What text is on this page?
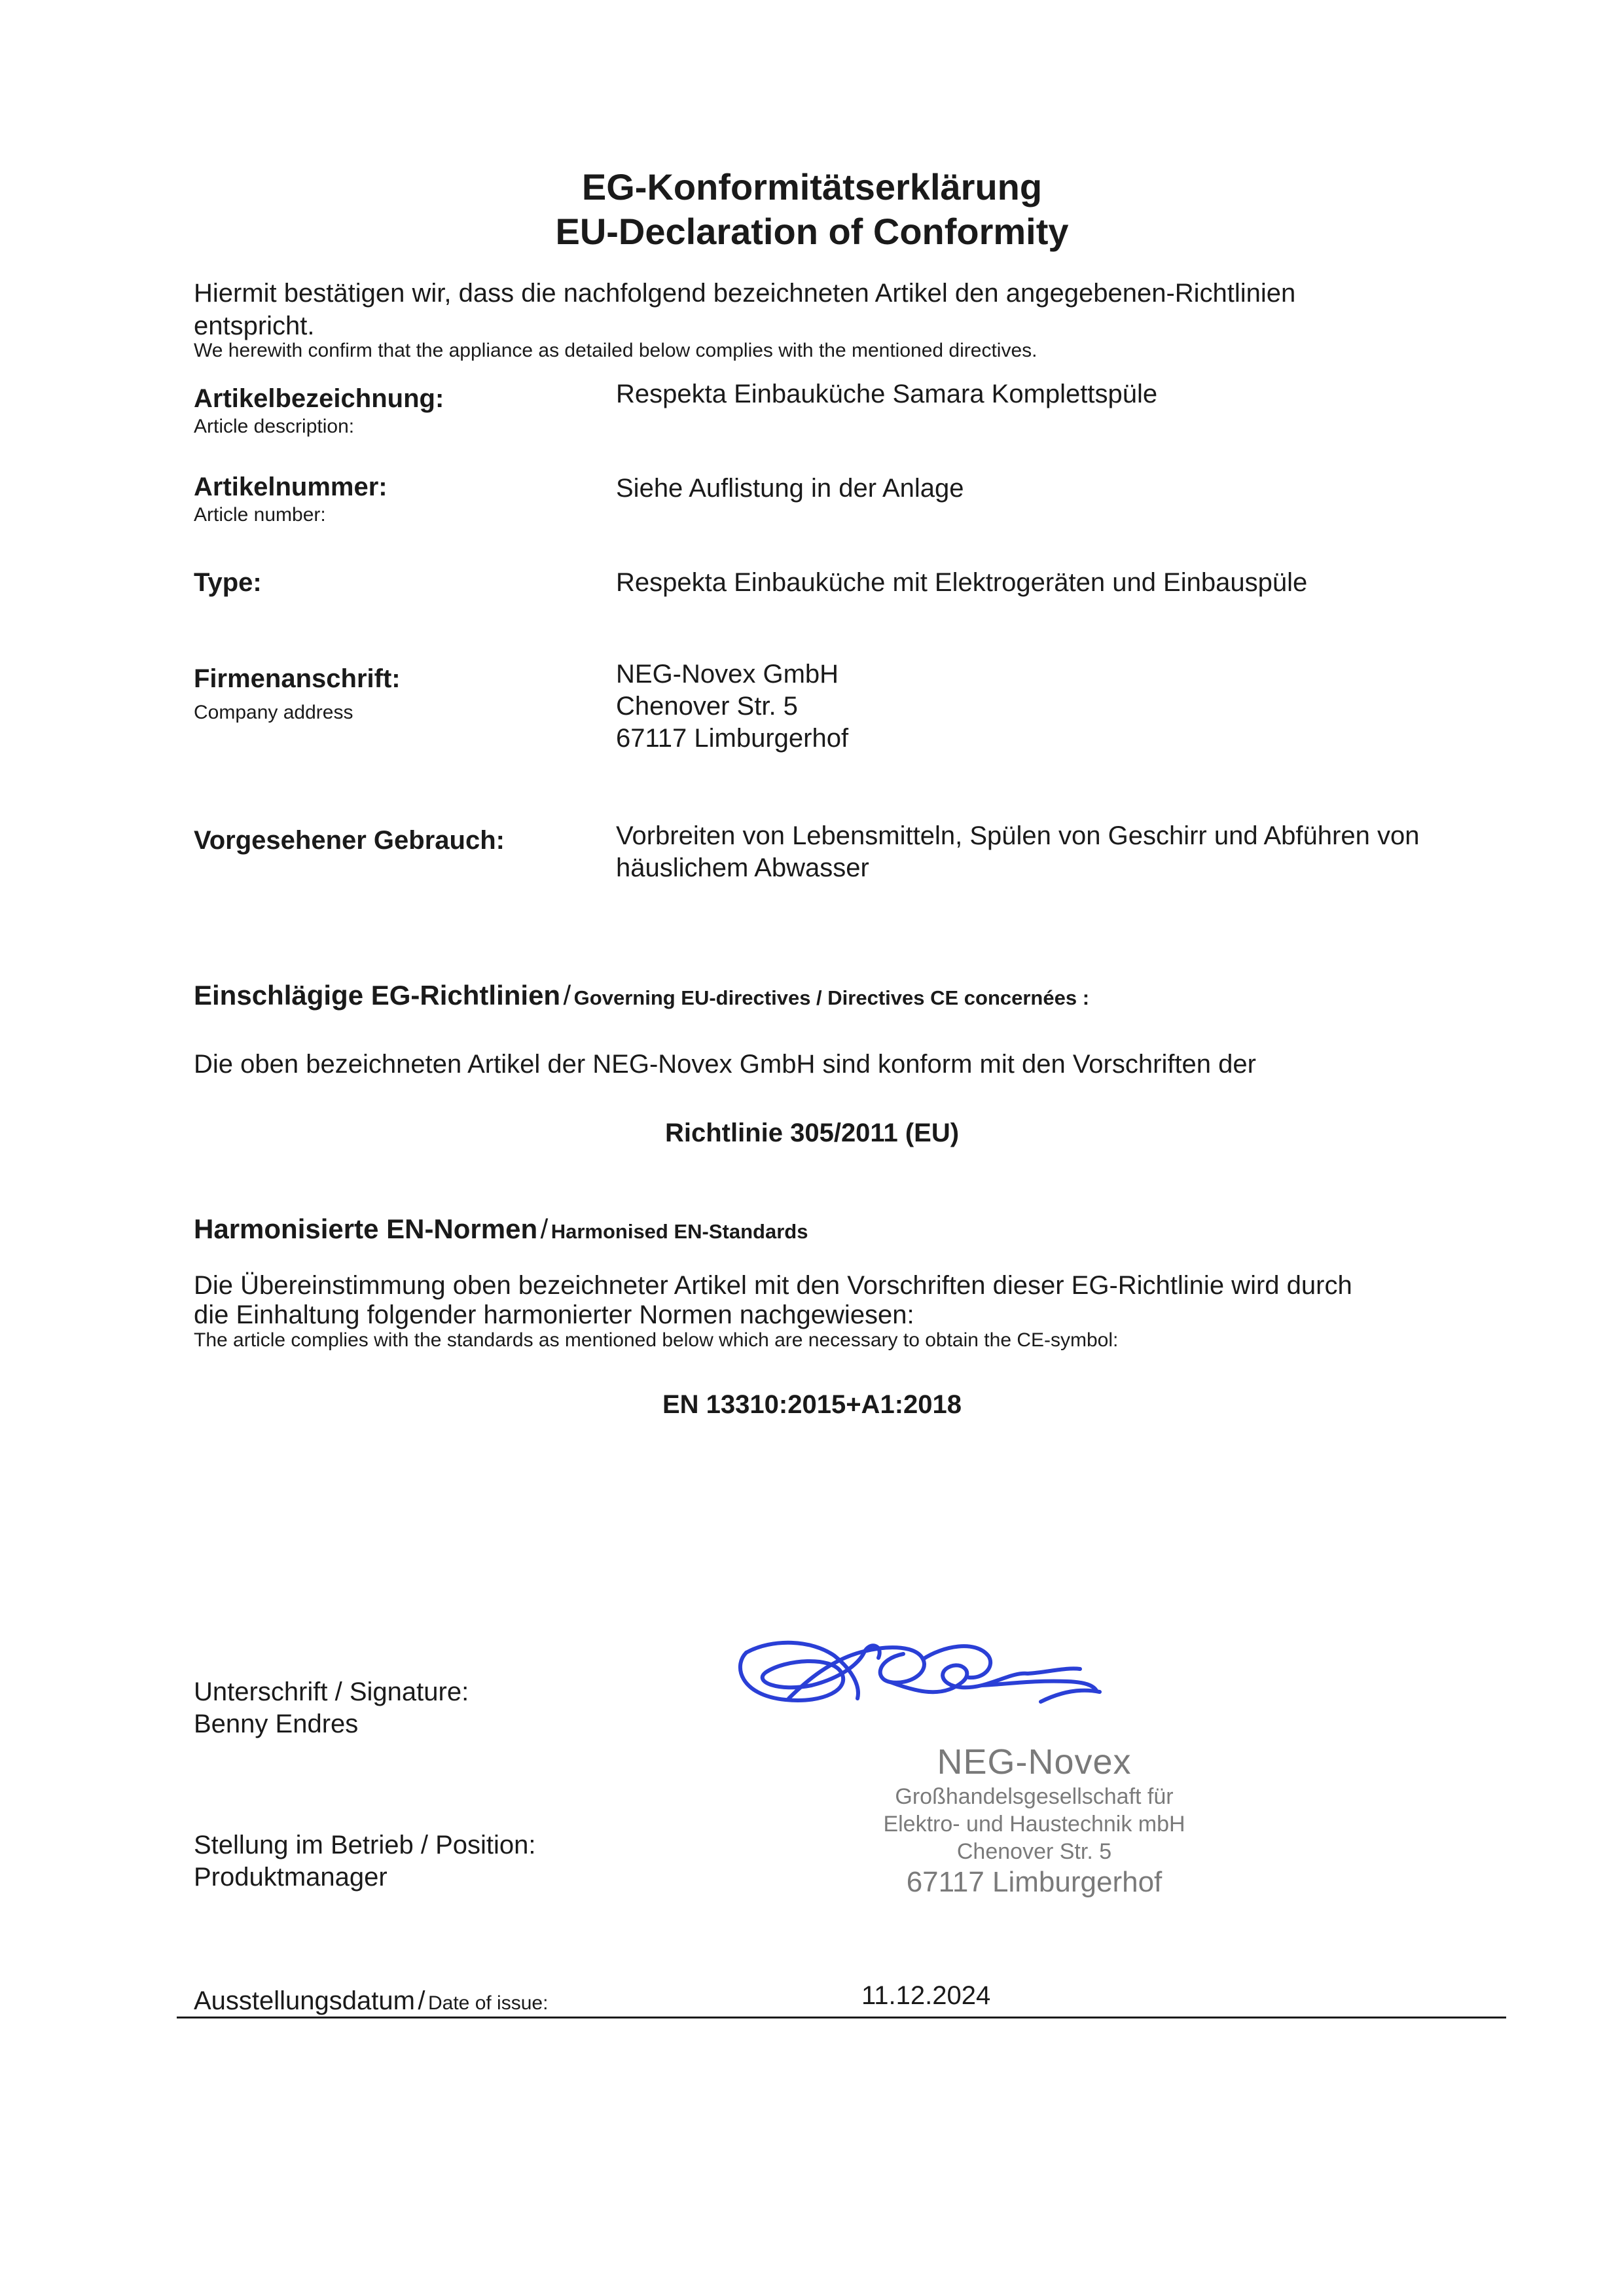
EG-Konformitätserklärung
EU-Declaration of Conformity
Hiermit bestätigen wir, dass die nachfolgend bezeichneten Artikel den angegebenen-Richtlinien
entspricht.
We herewith confirm that the appliance as detailed below complies with the mentioned directives.
Artikelbezeichnung:
Article description:
Respekta Einbauküche Samara Komplettspüle
Artikelnummer:
Article number:
Siehe Auflistung in der Anlage
Type:	Respekta Einbauküche mit Elektrogeräten und Einbauspüle
Firmenanschrift:
Company address
NEG-Novex GmbH
Chenover Str. 5
67117 Limburgerhof
Vorgesehener Gebrauch:	Vorbreiten von Lebensmitteln, Spülen von Geschirr und Abführen von
häuslichem Abwasser
Einschlägige EG-Richtlinien / Governing EU-directives / Directives CE concernées :
Die oben bezeichneten Artikel der NEG-Novex GmbH sind konform mit den Vorschriften der
Richtlinie 305/2011 (EU)
Harmonisierte EN-Normen / Harmonised EN-Standards
Die Übereinstimmung oben bezeichneter Artikel mit den Vorschriften dieser EG-Richtlinie wird durch
die Einhaltung folgender harmonierter Normen nachgewiesen:
The article complies with the standards as mentioned below which are necessary to obtain the CE-symbol:
EN 13310:2015+A1:2018
Unterschrift / Signature:
Benny Endres
NEG-Novex
Großhandelsgesellschaft für
Elektro- und Haustechnik mbH
Chenover Str. 5
67117 Limburgerhof
Stellung im Betrieb / Position:
Produktmanager
Ausstellungsdatum / Date of issue:	11.12.2024
